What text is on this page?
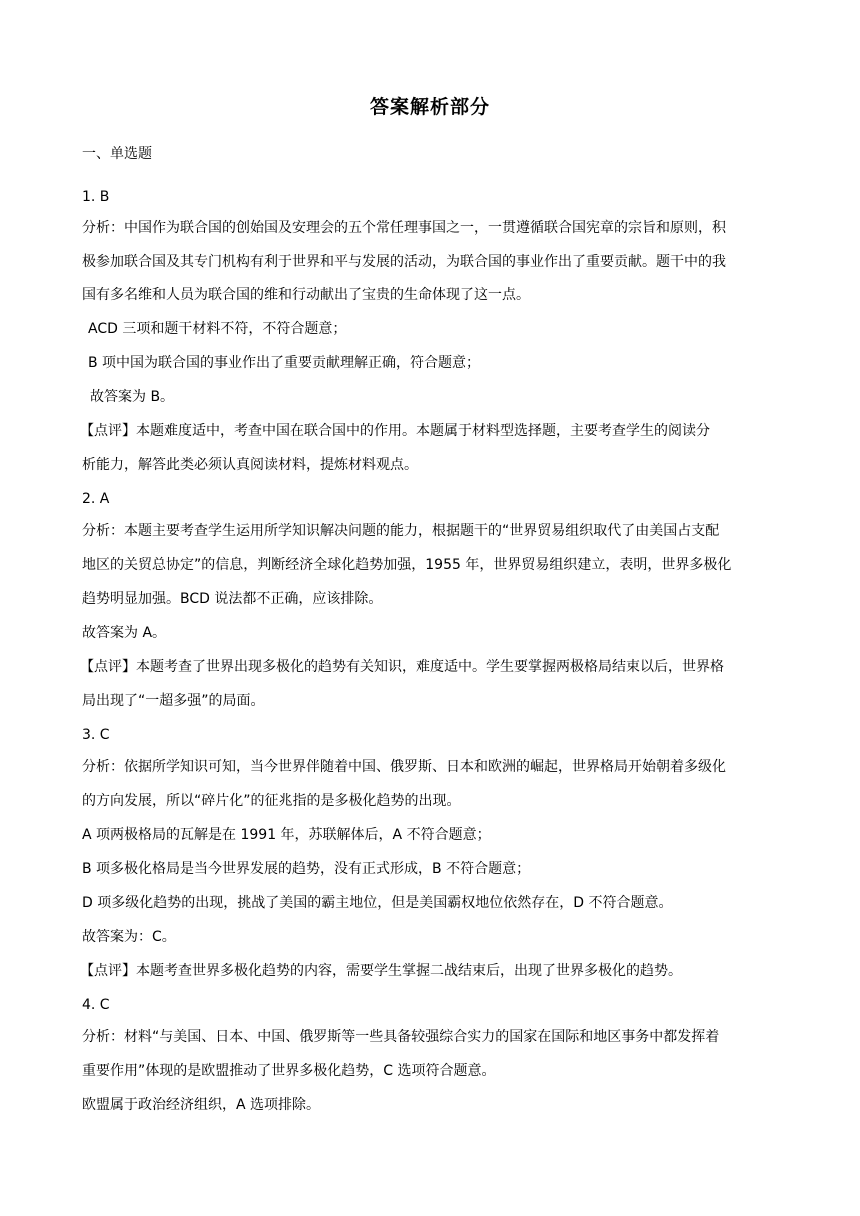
答案解析部分
一、单选题
1. B
分析：中国作为联合国的创始国及安理会的五个常任理事国之一，一贯遵循联合国宪章的宗旨和原则，积
极参加联合国及其专门机构有利于世界和平与发展的活动，为联合国的事业作出了重要贡献。题干中的我
国有多名维和人员为联合国的维和行动献出了宝贵的生命体现了这一点。
ACD 三项和题干材料不符，不符合题意；
B 项中国为联合国的事业作出了重要贡献理解正确，符合题意；
故答案为 B。
【点评】本题难度适中，考查中国在联合国中的作用。本题属于材料型选择题，主要考查学生的阅读分
析能力，解答此类必须认真阅读材料，提炼材料观点。
2. A
分析：本题主要考查学生运用所学知识解决问题的能力，根据题干的“世界贸易组织取代了由美国占支配
地区的关贸总协定”的信息，判断经济全球化趋势加强，1955 年，世界贸易组织建立，表明，世界多极化
趋势明显加强。BCD 说法都不正确，应该排除。
故答案为 A。
【点评】本题考查了世界出现多极化的趋势有关知识，难度适中。学生要掌握两极格局结束以后，世界格
局出现了“一超多强”的局面。
3. C
分析：依据所学知识可知，当今世界伴随着中国、俄罗斯、日本和欧洲的崛起，世界格局开始朝着多级化
的方向发展，所以“碎片化”的征兆指的是多极化趋势的出现。
A 项两极格局的瓦解是在 1991 年，苏联解体后，A 不符合题意；
B 项多极化格局是当今世界发展的趋势，没有正式形成，B 不符合题意；
D 项多级化趋势的出现，挑战了美国的霸主地位，但是美国霸权地位依然存在，D 不符合题意。
故答案为：C。
【点评】本题考查世界多极化趋势的内容，需要学生掌握二战结束后，出现了世界多极化的趋势。
4. C
分析：材料“与美国、日本、中国、俄罗斯等一些具备较强综合实力的国家在国际和地区事务中都发挥着
重要作用”体现的是欧盟推动了世界多极化趋势，C 选项符合题意。
欧盟属于政治经济组织，A 选项排除。
